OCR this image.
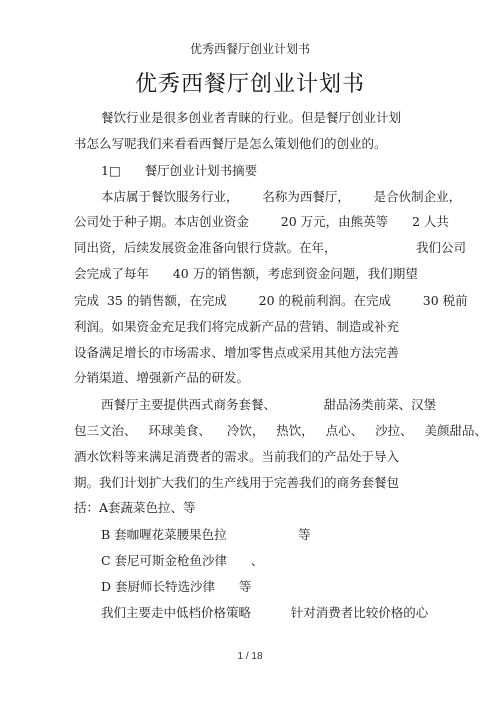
优秀西餐厅创业计划书
优秀西餐厅创业计划书
餐饮行业是很多创业者青睐的行业。但是餐厅创业计划
书怎么写呢我们来看看西餐厅是怎么策划他们的创业的。
1□      餐厅创业计划书摘要
本店属于餐饮服务行业，      名称为西餐厅，      是合伙制企业，
公司处于种子期。本店创业资金        20 万元，由熊英等      2 人共
同出资，后续发展资金准备向银行贷款。在年，                    我们公司
会完成了每年      40 万的销售额，考虑到资金问题，我们期望
完成  35 的销售额，在完成        20 的税前利润。在完成        30 税前
利润。如果资金充足我们将完成新产品的营销、制造或补充
设备满足增长的市场需求、增加零售点或采用其他方法完善
分销渠道、增强新产品的研发。
西餐厅主要提供西式商务套餐、            甜品汤类前菜、汉堡
包三文治、   环球美食、    冷饮，   热饮，   点心、   沙拉、   美颜甜品、
酒水饮料等来满足消费者的需求。当前我们的产品处于导入
期。我们计划扩大我们的生产线用于完善我们的商务套餐包
括：A套蔬菜色拉、等
B 套咖喱花菜腰果色拉                  等
C 套尼可斯金枪鱼沙律      、
D 套厨师长特选沙律      等
我们主要走中低档价格策略          针对消费者比较价格的心
1 / 18
